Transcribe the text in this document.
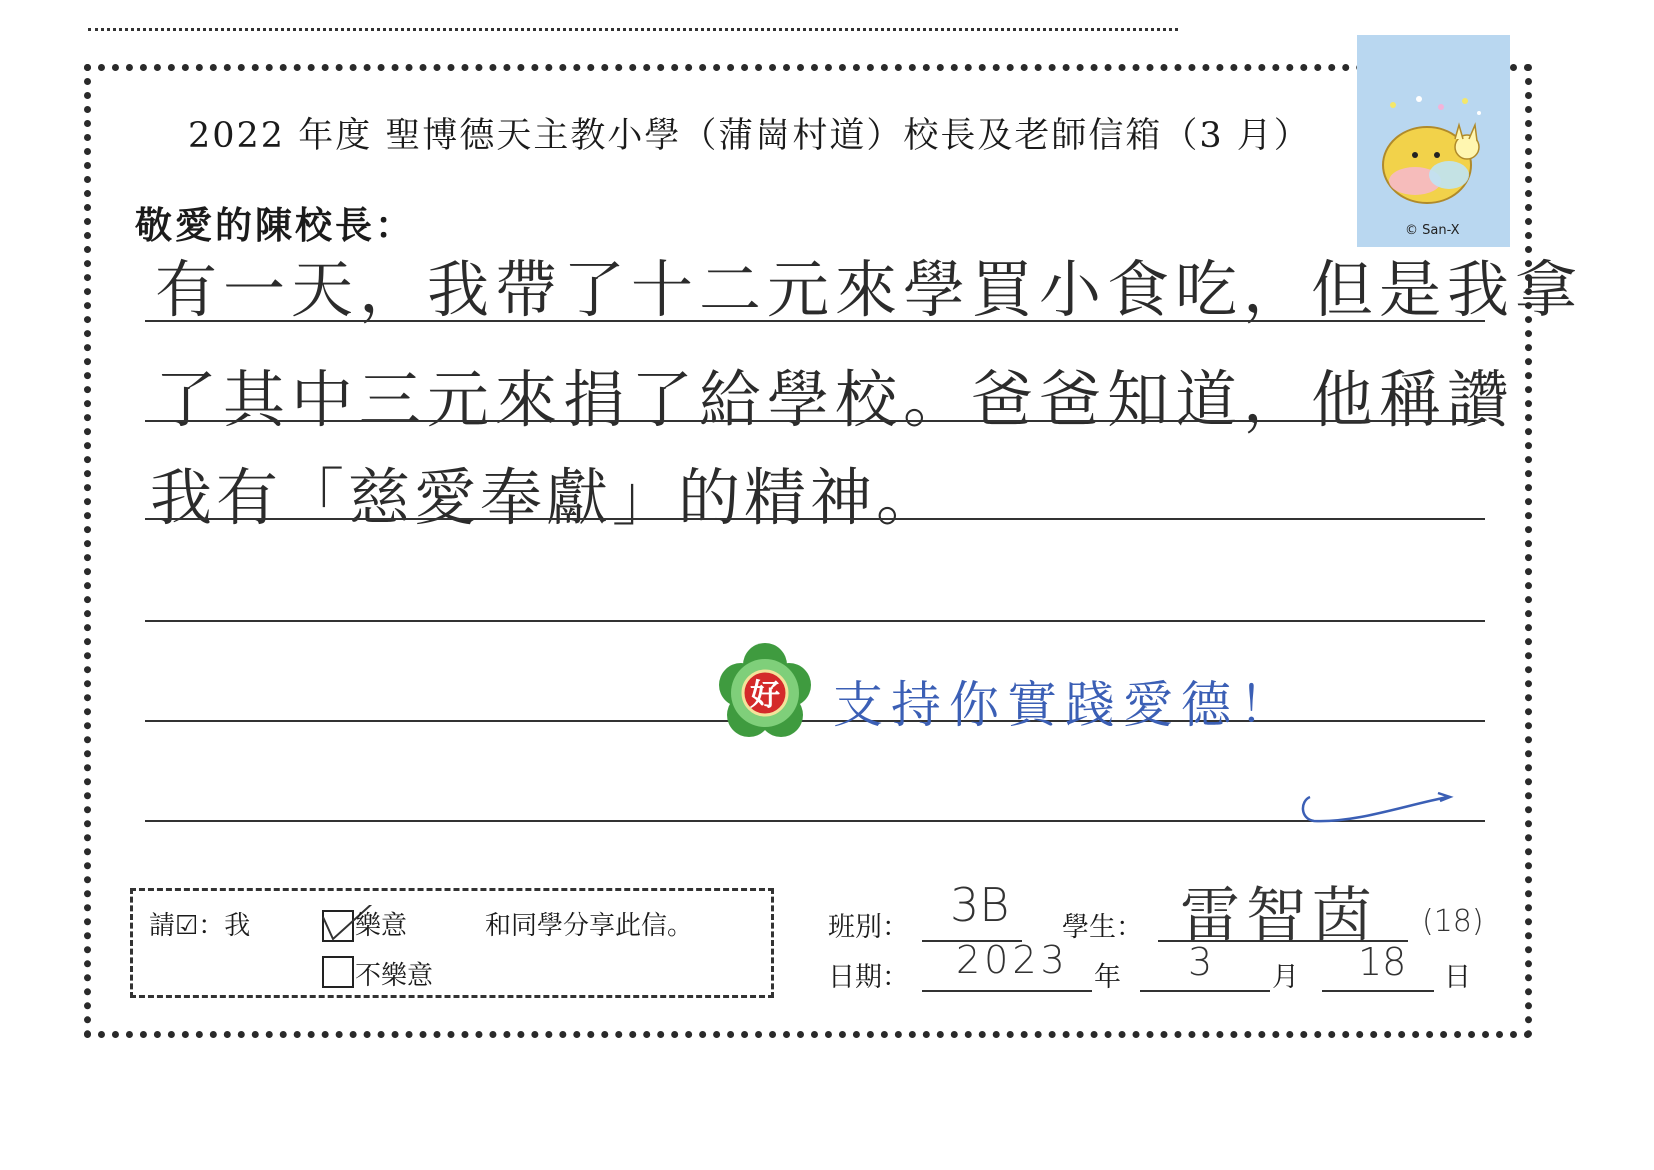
2022 年度 聖博德天主教小學（蒲崗村道）校長及老師信箱（3 月）
© San-X
敬愛的陳校長：
有一天，我帶了十二元來學買小食吃，但是我拿
了其中三元來捐了給學校。爸爸知道，他稱讚
我有「慈愛奉獻」的精神。
好 支持你實踐愛德！
請☑：我	樂意	和同學分享此信。
不樂意
班別： 3B 學生： 雷智茵 (18)
日期： 2023 年 3 月 18 日
